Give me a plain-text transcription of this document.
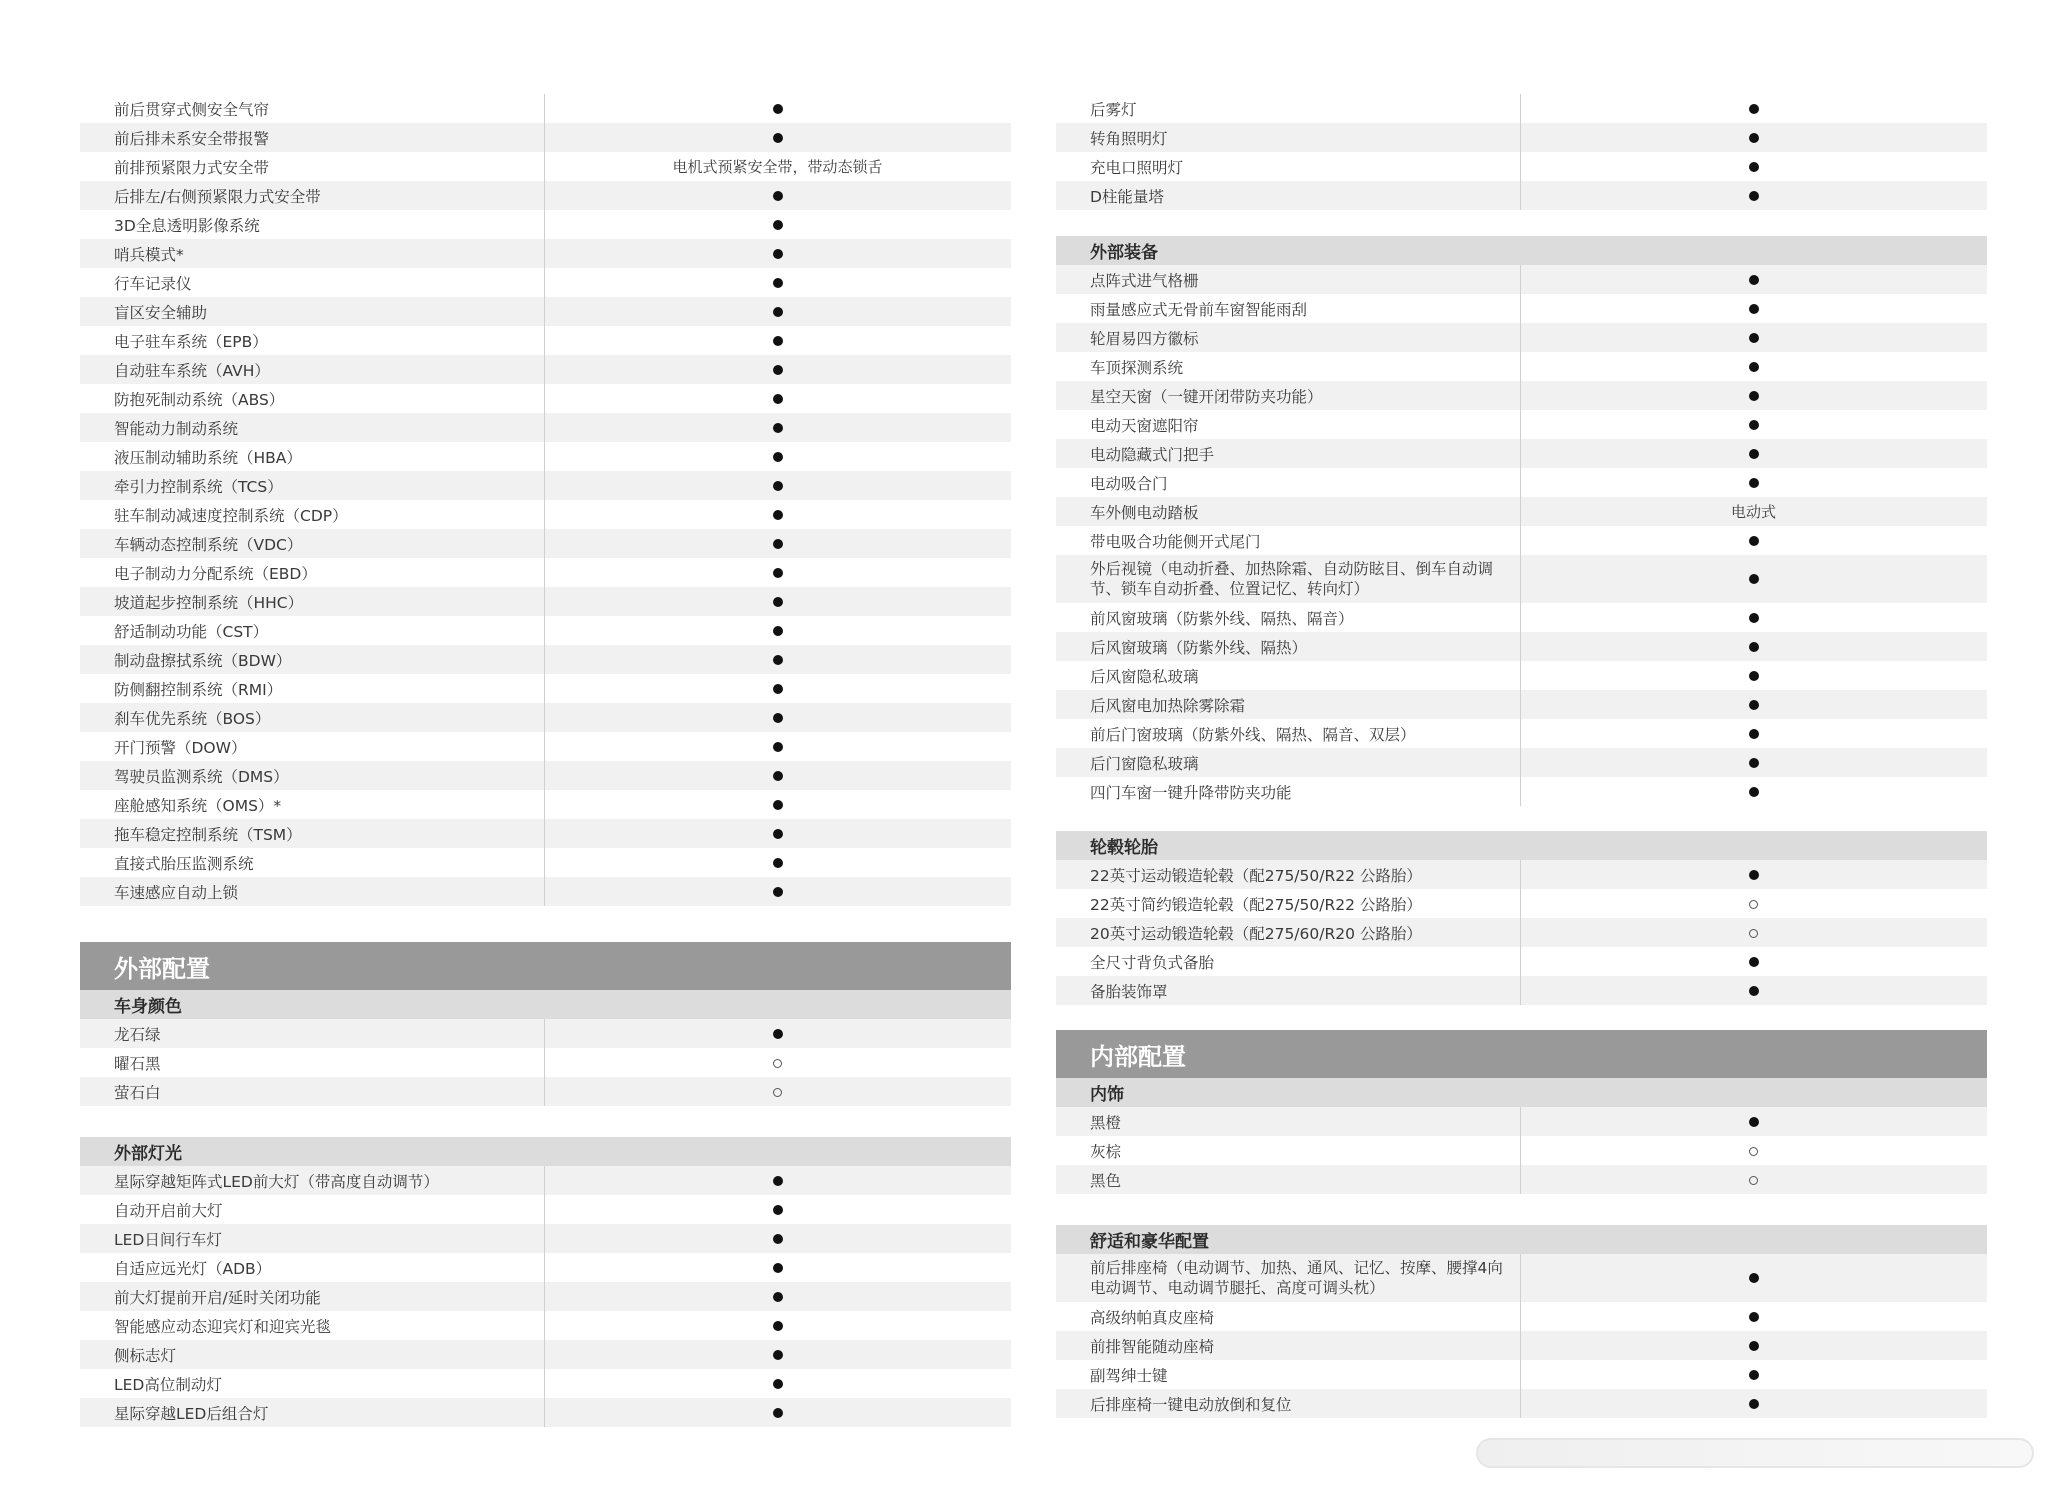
前后贯穿式侧安全气帘
前后排未系安全带报警
前排预紧限力式安全带	电机式预紧安全带，带动态锁舌
后排左/右侧预紧限力式安全带
3D全息透明影像系统
哨兵模式*
行车记录仪
盲区安全辅助
电子驻车系统（EPB）
自动驻车系统（AVH）
防抱死制动系统（ABS）
智能动力制动系统
液压制动辅助系统（HBA）
牵引力控制系统（TCS）
驻车制动减速度控制系统（CDP）
车辆动态控制系统（VDC）
电子制动力分配系统（EBD）
坡道起步控制系统（HHC）
舒适制动功能（CST）
制动盘擦拭系统（BDW）
防侧翻控制系统（RMI）
刹车优先系统（BOS）
开门预警（DOW）
驾驶员监测系统（DMS）
座舱感知系统（OMS）*
拖车稳定控制系统（TSM）
直接式胎压监测系统
车速感应自动上锁
外部配置
车身颜色
龙石绿
曜石黑
萤石白
外部灯光
星际穿越矩阵式LED前大灯（带高度自动调节）
自动开启前大灯
LED日间行车灯
自适应远光灯（ADB）
前大灯提前开启/延时关闭功能
智能感应动态迎宾灯和迎宾光毯
侧标志灯
LED高位制动灯
星际穿越LED后组合灯
后雾灯
转角照明灯
充电口照明灯
D柱能量塔
外部装备
点阵式进气格栅
雨量感应式无骨前车窗智能雨刮
轮眉易四方徽标
车顶探测系统
星空天窗（一键开闭带防夹功能）
电动天窗遮阳帘
电动隐藏式门把手
电动吸合门
车外侧电动踏板	电动式
带电吸合功能侧开式尾门
外后视镜（电动折叠、加热除霜、自动防眩目、倒车自动调节、锁车自动折叠、位置记忆、转向灯）
前风窗玻璃（防紫外线、隔热、隔音）
后风窗玻璃（防紫外线、隔热）
后风窗隐私玻璃
后风窗电加热除雾除霜
前后门窗玻璃（防紫外线、隔热、隔音、双层）
后门窗隐私玻璃
四门车窗一键升降带防夹功能
轮毂轮胎
22英寸运动锻造轮毂（配275/50/R22 公路胎）
22英寸简约锻造轮毂（配275/50/R22 公路胎）
20英寸运动锻造轮毂（配275/60/R20 公路胎）
全尺寸背负式备胎
备胎装饰罩
内部配置
内饰
黑橙
灰棕
黑色
舒适和豪华配置
前后排座椅（电动调节、加热、通风、记忆、按摩、腰撑4向电动调节、电动调节腿托、高度可调头枕）
高级纳帕真皮座椅
前排智能随动座椅
副驾绅士键
后排座椅一键电动放倒和复位
